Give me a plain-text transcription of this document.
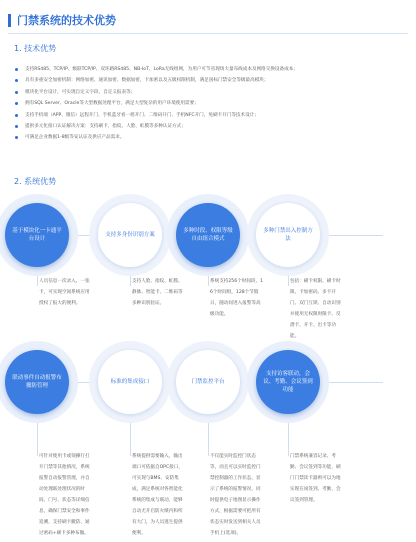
门禁系统的技术优势
1. 技术优势
支持RS485、TCP/IP、级联TCP/IP、双环路RS485、NB-IoT、LoRa无线组网，为用户可节省现场大量布线成本及网络交换设备成本；
具有多重安全加密机制：网络加密、通讯加密、数据加密，卡加密以及五级权限机制，满足国标门禁安全等级最高模块；
模块化平台设计，可实现自定义字段、自定义报表等；
拥有SQL Server、Oracle等大型数据处理平台，满足大型复杂的用户环境使用需要；
支持手机端（APP、微信）远程开门、手机蓝牙看一摇开门、二维码开门、手机NFC开门，免刷卡开门等技术设计；
提供多元化接口认证解决方案：支持刷卡、指纹、人脸、虹膜等多种认证方式；
可满足企业数据1-8级等安认证及供应产品需求。
2. 系统优势
基于模块化一卡通平台设计
支持多身份识别方案
多种时段、权限等级自由组合模式
多种门禁出入控制方法
人员信息一次录入，一张卡，可实现空间系统应用授权了报大的便利。
支持人脸、指纹、虹膜、静脉、智能卡、二维码等多种识别验证。
系统支持256个时间段，16个时间组，128个节假日，随动间进入报警等高级功能。
包括：刷卡权限、刷卡时限、卡加密码、多卡开门、双门互锁、自动识别并使用无权限时限卡、反潜卡、开卡、出卡等功能。
联动事件自动报警布撤防管理
标准的集成接口	门禁监控平台
支持访客联动，会议、考勤、会议签到功能
可针对使用卡或领操行打开门禁等其他情况，系统报警自动报警管理，并自动处理联处理状况的时间、门号、状态等详细信息，确保门禁安全和事件追溯，支持刷卡撤防、通过密码+刷卡多种布撤。
系统提供需要输入，输出端口可依据自OPC接口，可实现与BMS、安防集成，满足系统对各智能化系统的集成与联动，能够自动尤开启防火喷内和所有大门，为人员逃生提供便利。
不仅能实时监控门状态等，而且可以实时监控门禁控制器的工作状态，显示了系统的报警情况，同时提供电子地图显示操作方式，根据需要可把所有状态实时发送到相关人员手机上(选项)。
门禁系统兼容记录、考勤、会议签到等功能，刷门门禁读卡器则可以为地实现在岗签到、考勤、会议签到管理。
